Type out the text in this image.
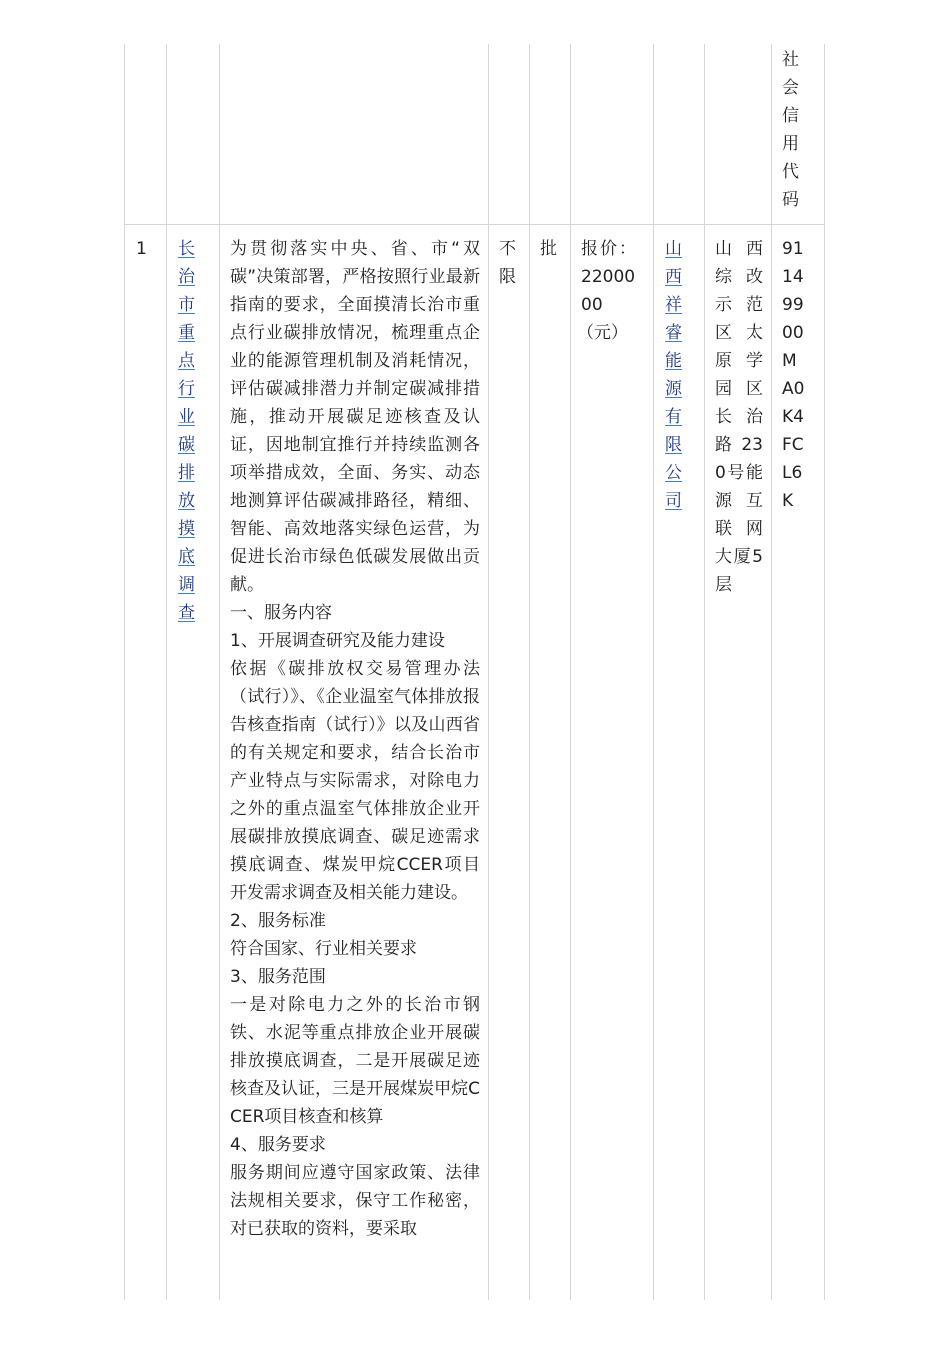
社会信用代码
1	长治市重点行业碳排放摸底调查

为贯彻落实中央、省、市“双碳”决策部署，严格按照行业最新指南的要求，全面摸清长治市重点行业碳排放情况，梳理重点企业的能源管理机制及消耗情况，评估碳减排潜力并制定碳减排措施，推动开展碳足迹核查及认证，因地制宜推行并持续监测各项举措成效，全面、务实、动态地测算评估碳减排路径，精细、智能、高效地落实绿色运营，为促进长治市绿色低碳发展做出贡献。

一、服务内容

1、开展调查研究及能力建设

依据《碳排放权交易管理办法（试行）》、《企业温室气体排放报告核查指南（试行）》以及山西省的有关规定和要求，结合长治市产业特点与实际需求，对除电力之外的重点温室气体排放企业开展碳排放摸底调查、碳足迹需求摸底调查、煤炭甲烷CCER项目开发需求调查及相关能力建设。

2、服务标准

符合国家、行业相关要求

3、服务范围

一是对除电力之外的长治市钢铁、水泥等重点排放企业开展碳排放摸底调查，二是开展碳足迹核查及认证，三是开展煤炭甲烷CCER项目核查和核算

4、服务要求

服务期间应遵守国家政策、法律法规相关要求，保守工作秘密，对已获取的资料，要采取

不限
批	报价：
2200000
（元）
山西祥睿能源有限公司
山西综改示范区太原学园区长治路230号能源互联网大厦5层
91149900MA0K4FCL6K
